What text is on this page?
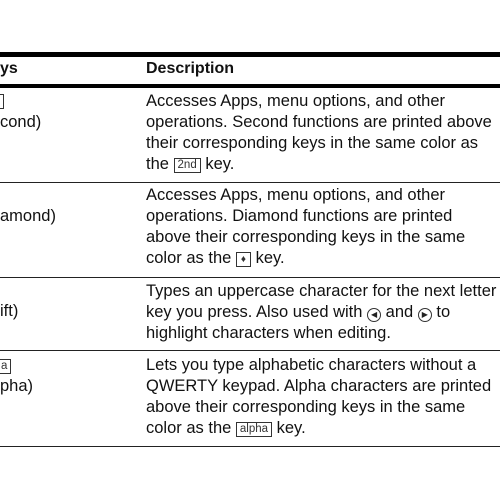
ys	Description
cond)
Accesses Apps, menu options, and other
operations. Second functions are printed above
their corresponding keys in the same color as
the 2nd key.
amond)
Accesses Apps, menu options, and other
operations. Diamond functions are printed
above their corresponding keys in the same
color as the ♦ key.
ift)
Types an uppercase character for the next letter
key you press. Also used with ◀ and ▶ to
highlight characters when editing.
a
pha)
Lets you type alphabetic characters without a
QWERTY keypad. Alpha characters are printed
above their corresponding keys in the same
color as the alpha key.
